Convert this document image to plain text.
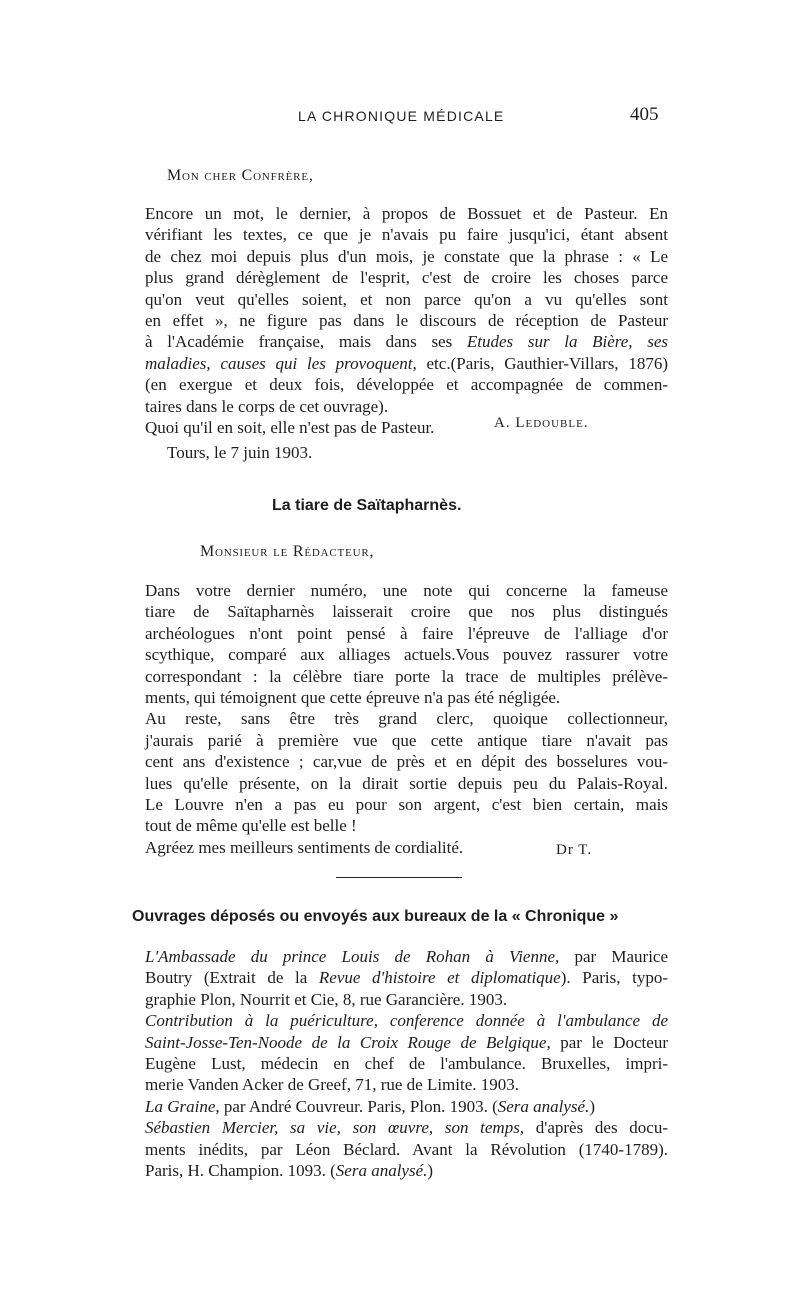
LA CHRONIQUE MÉDICALE	405
Mon cher Confrère,
Encore un mot, le dernier, à propos de Bossuet et de Pasteur. En
vérifiant les textes, ce que je n'avais pu faire jusqu'ici, étant absent
de chez moi depuis plus d'un mois, je constate que la phrase : « Le
plus grand dérèglement de l'esprit, c'est de croire les choses parce
qu'on veut qu'elles soient, et non parce qu'on a vu qu'elles sont
en effet », ne figure pas dans le discours de réception de Pasteur
à l'Académie française, mais dans ses Etudes sur la Bière, ses
maladies, causes qui les provoquent, etc.(Paris, Gauthier-Villars, 1876)
(en exergue et deux fois, développée et accompagnée de commen-
taires dans le corps de cet ouvrage).
Quoi qu'il en soit, elle n'est pas de Pasteur.	A. Ledouble.
Tours, le 7 juin 1903.
La tiare de Saïtapharnès.
Monsieur le Rédacteur,
Dans votre dernier numéro, une note qui concerne la fameuse
tiare de Saïtapharnès laisserait croire que nos plus distingués
archéologues n'ont point pensé à faire l'épreuve de l'alliage d'or
scythique, comparé aux alliages actuels.Vous pouvez rassurer votre
correspondant : la célèbre tiare porte la trace de multiples prélève-
ments, qui témoignent que cette épreuve n'a pas été négligée.
Au reste, sans être très grand clerc, quoique collectionneur,
j'aurais parié à première vue que cette antique tiare n'avait pas
cent ans d'existence ; car,vue de près et en dépit des bosselures vou-
lues qu'elle présente, on la dirait sortie depuis peu du Palais-Royal.
Le Louvre n'en a pas eu pour son argent, c'est bien certain, mais
tout de même qu'elle est belle !
Agréez mes meilleurs sentiments de cordialité.	Dr T.
Ouvrages déposés ou envoyés aux bureaux de la « Chronique »
L'Ambassade du prince Louis de Rohan à Vienne, par Maurice
Boutry (Extrait de la Revue d'histoire et diplomatique). Paris, typo-
graphie Plon, Nourrit et Cie, 8, rue Garancière. 1903.
Contribution à la puériculture, conference donnée à l'ambulance de
Saint-Josse-Ten-Noode de la Croix Rouge de Belgique, par le Docteur
Eugène Lust, médecin en chef de l'ambulance. Bruxelles, impri-
merie Vanden Acker de Greef, 71, rue de Limite. 1903.
La Graine, par André Couvreur. Paris, Plon. 1903. (Sera analysé.)
Sébastien Mercier, sa vie, son œuvre, son temps, d'après des docu-
ments inédits, par Léon Béclard. Avant la Révolution (1740-1789).
Paris, H. Champion. 1093. (Sera analysé.)
